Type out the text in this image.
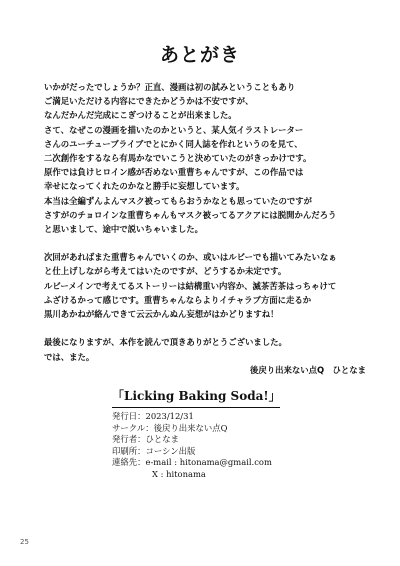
あとがき
いかがだったでしょうか？正直、漫画は初の試みということもあり
ご満足いただける内容にできたかどうかは不安ですが、
なんだかんだ完成にこぎつけることが出来ました。
さて、なぜこの漫画を描いたのかというと、某人気イラストレーター
さんのユーチューブライブでとにかく同人誌を作れというのを見て、
二次創作をするなら有馬かなでいこうと決めていたのがきっかけです。
原作では負けヒロイン感が否めない重曹ちゃんですが、この作品では
幸せになってくれたのかなと勝手に妄想しています。
本当は全編ずんよんマスク被ってもらおうかなとも思っていたのですが
さすがのチョロインな重曹ちゃんもマスク被ってるアクアには脱開かんだろう
と思いまして、途中で説いちゃいました。
次回があればまた重曹ちゃんでいくのか、或いはルビーでも描いてみたいなぁ
と仕上げしながら考えてはいたのですが、どうするか未定です。
ルビーメインで考えてるストーリーは結構重い内容か、滅茶苦茶はっちゃけて
ふざけるかって感じです。重曹ちゃんならよりイチャラブ方面に走るか
黒川あかねが絡んできて云云かんぬん妄想がはかどりますね！
最後になりますが、本作を読んで頂きありがとうございました。
では、また。
後戻り出来ない点Q　ひとなま
「Licking Baking Soda!」
発行日：2023/12/31
サークル：後戻り出来ない点Q
発行者：ひとなま
印刷所：コーシン出版
連絡先：e-mail : hitonama@gmail.com
X : hitonama
25
